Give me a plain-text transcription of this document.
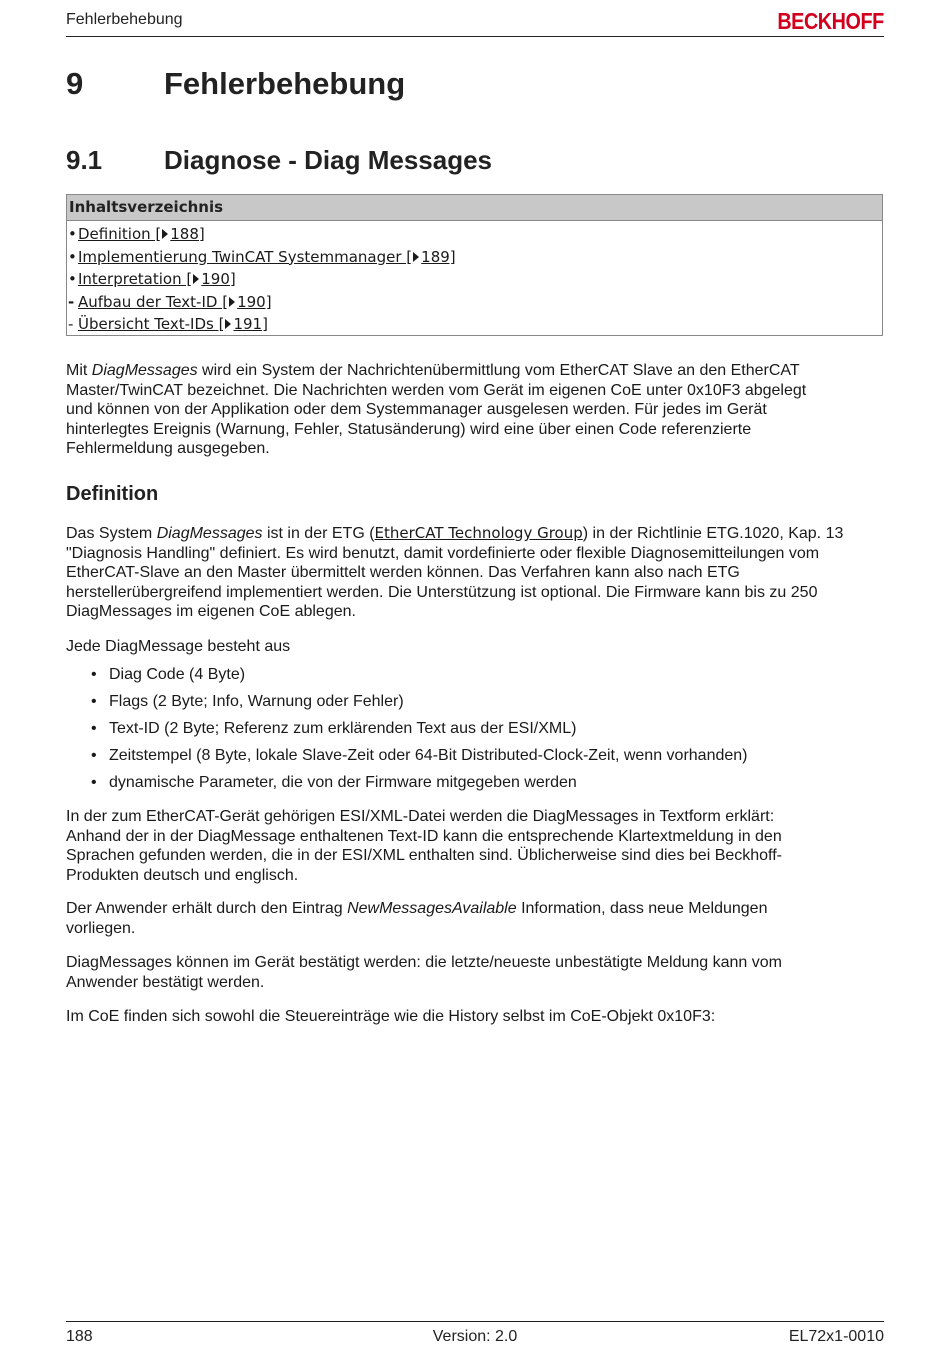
Fehlerbehebung	BECKHOFF
9	Fehlerbehebung
9.1 Diagnose - Diag Messages
Inhaltsverzeichnis
•Definition [ 188]
•Implementierung TwinCAT Systemmanager [ 189]
•Interpretation [ 190]
- Aufbau der Text-ID [ 190]
- Übersicht Text-IDs [ 191]
Mit DiagMessages wird ein System der Nachrichtenübermittlung vom EtherCAT Slave an den EtherCAT
Master/TwinCAT bezeichnet. Die Nachrichten werden vom Gerät im eigenen CoE unter 0x10F3 abgelegt
und können von der Applikation oder dem Systemmanager ausgelesen werden. Für jedes im Gerät
hinterlegtes Ereignis (Warnung, Fehler, Statusänderung) wird eine über einen Code referenzierte
Fehlermeldung ausgegeben.
Definition
Das System DiagMessages ist in der ETG (EtherCAT Technology Group) in der Richtlinie ETG.1020, Kap. 13
"Diagnosis Handling" definiert. Es wird benutzt, damit vordefinierte oder flexible Diagnosemitteilungen vom
EtherCAT-Slave an den Master übermittelt werden können. Das Verfahren kann also nach ETG
herstellerübergreifend implementiert werden. Die Unterstützung ist optional. Die Firmware kann bis zu 250
DiagMessages im eigenen CoE ablegen.
Jede DiagMessage besteht aus
• Diag Code (4 Byte)
• Flags (2 Byte; Info, Warnung oder Fehler)
• Text-ID (2 Byte; Referenz zum erklärenden Text aus der ESI/XML)
• Zeitstempel (8 Byte, lokale Slave-Zeit oder 64-Bit Distributed-Clock-Zeit, wenn vorhanden)
• dynamische Parameter, die von der Firmware mitgegeben werden
In der zum EtherCAT-Gerät gehörigen ESI/XML-Datei werden die DiagMessages in Textform erklärt:
Anhand der in der DiagMessage enthaltenen Text-ID kann die entsprechende Klartextmeldung in den
Sprachen gefunden werden, die in der ESI/XML enthalten sind. Üblicherweise sind dies bei Beckhoff-
Produkten deutsch und englisch.
Der Anwender erhält durch den Eintrag NewMessagesAvailable Information, dass neue Meldungen
vorliegen.
DiagMessages können im Gerät bestätigt werden: die letzte/neueste unbestätigte Meldung kann vom
Anwender bestätigt werden.
Im CoE finden sich sowohl die Steuereinträge wie die History selbst im CoE-Objekt 0x10F3:
188	Version: 2.0	EL72x1-0010
